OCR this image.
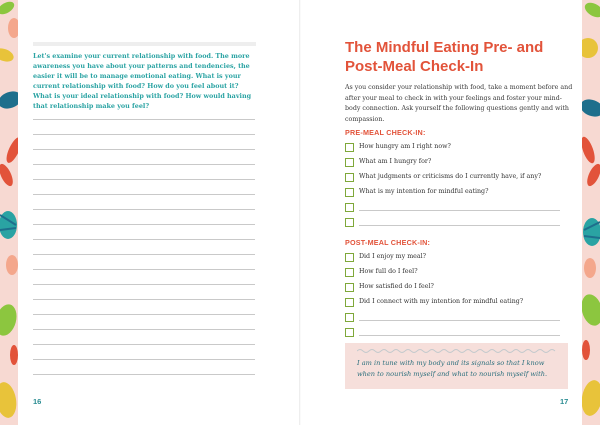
Let's examine your current relationship with food. The more awareness you have about your patterns and tendencies, the easier it will be to manage emotional eating. What is your current relationship with food? How do you feel about it? What is your ideal relationship with food? How would having that relationship make you feel?
16
The Mindful Eating Pre- and Post-Meal Check-In
As you consider your relationship with food, take a moment before and after your meal to check in with your feelings and foster your mind-body connection. Ask yourself the following questions gently and with compassion.
PRE-MEAL CHECK-IN:
How hungry am I right now?
What am I hungry for?
What judgments or criticisms do I currently have, if any?
What is my intention for mindful eating?
POST-MEAL CHECK-IN:
Did I enjoy my meal?
How full do I feel?
How satisfied do I feel?
Did I connect with my intention for mindful eating?
I am in tune with my body and its signals so that I know when to nourish myself and what to nourish myself with.
17
